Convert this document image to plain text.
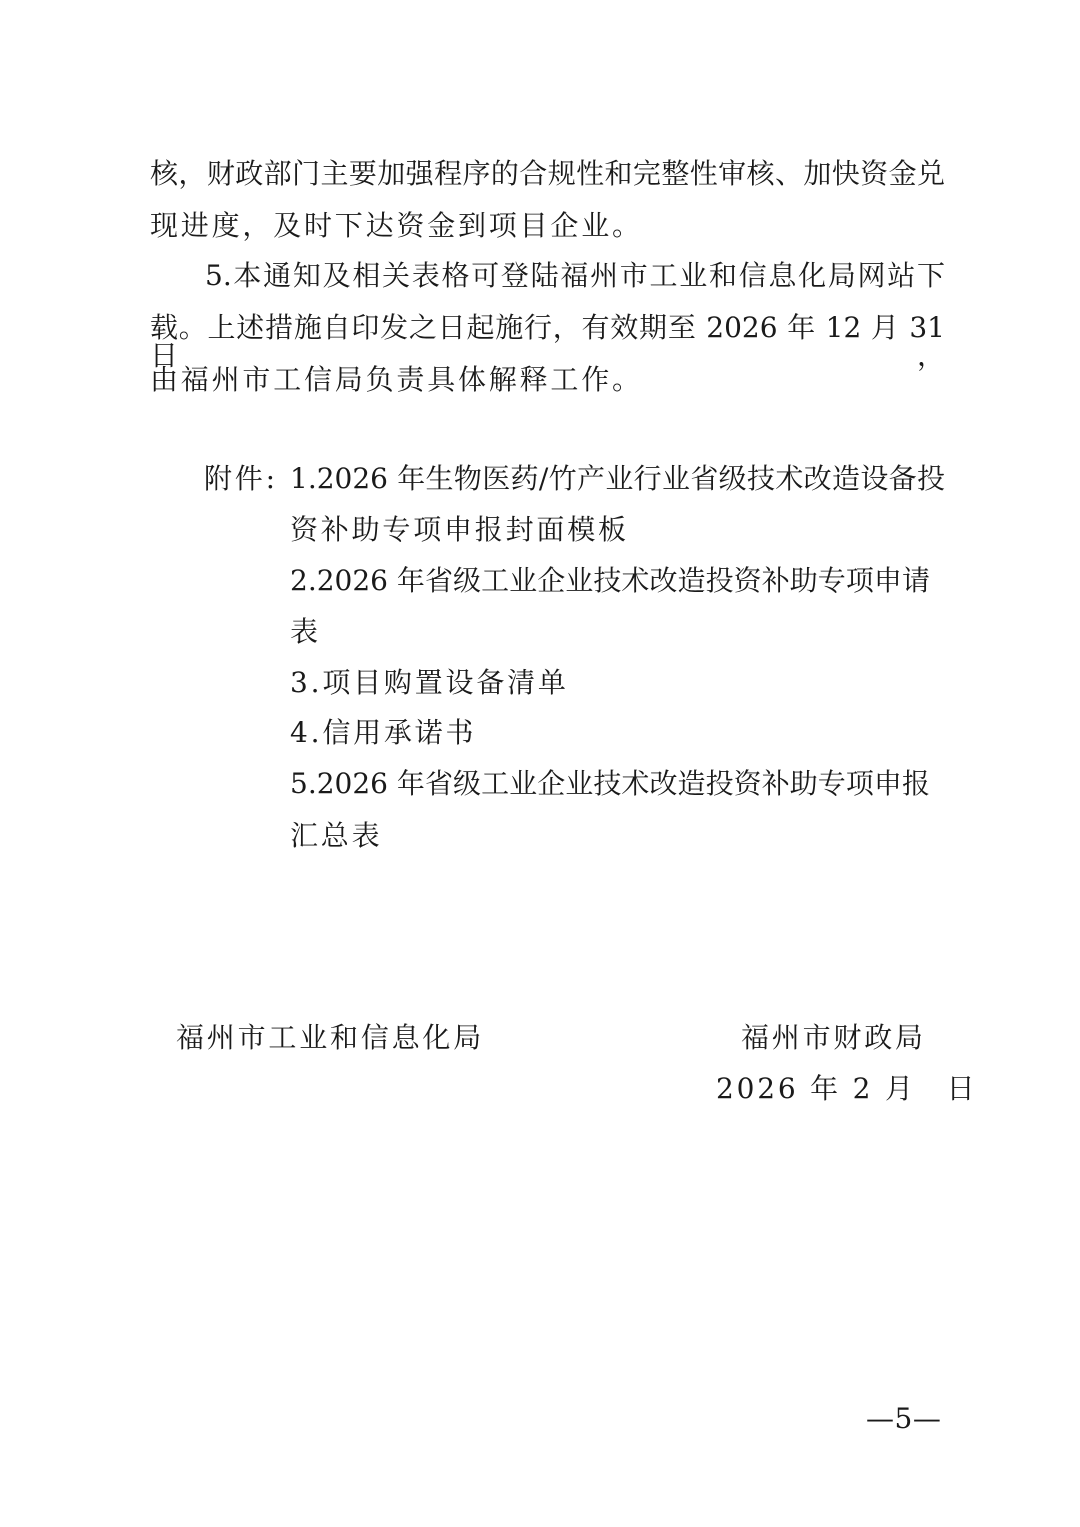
核，财政部门主要加强程序的合规性和完整性审核、加快资金兑
现进度，及时下达资金到项目企业。
5.本通知及相关表格可登陆福州市工业和信息化局网站下
载。上述措施自印发之日起施行，有效期至 2026 年 12 月 31 日，
由福州市工信局负责具体解释工作。
附件: 1.2026 年生物医药/竹产业行业省级技术改造设备投
资补助专项申报封面模板
2.2026 年省级工业企业技术改造投资补助专项申请
表
3.项目购置设备清单
4.信用承诺书
5.2026 年省级工业企业技术改造投资补助专项申报
汇总表
福州市工业和信息化局	福州市财政局
2026 年 2 月　日
—5—
